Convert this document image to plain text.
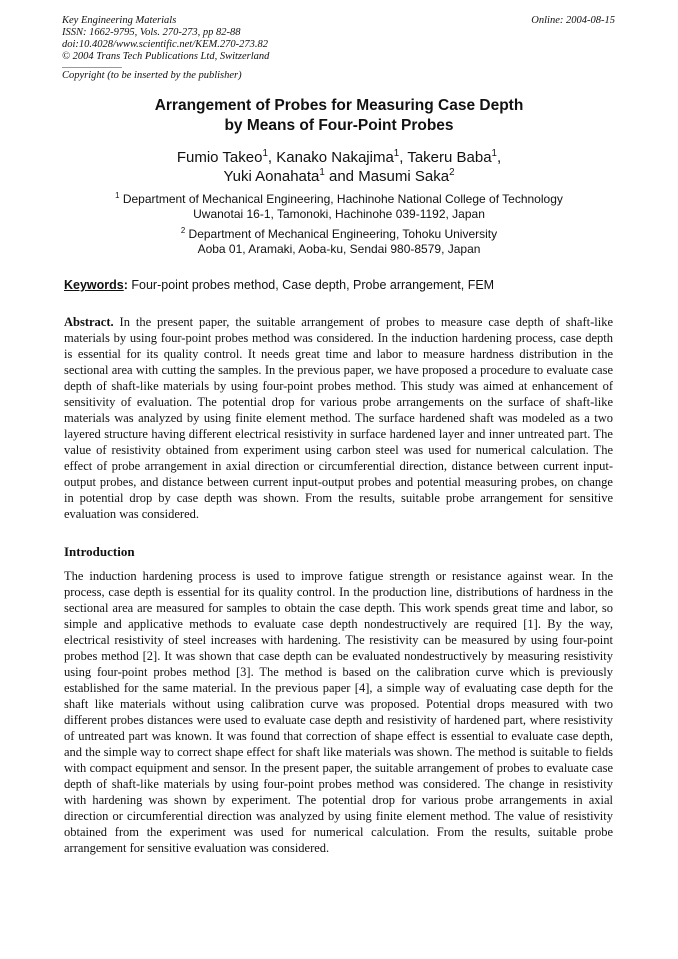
Key Engineering Materials
ISSN: 1662-9795, Vols. 270-273, pp 82-88
doi:10.4028/www.scientific.net/KEM.270-273.82
© 2004 Trans Tech Publications Ltd, Switzerland
Online: 2004-08-15
Copyright (to be inserted by the publisher)
Arrangement of Probes for Measuring Case Depth
by Means of Four-Point Probes
Fumio Takeo$^1$, Kanako Nakajima$^1$, Takeru Baba$^1$,
Yuki Aonahata$^1$ and Masumi Saka$^2$
$^1$ Department of Mechanical Engineering, Hachinohe National College of Technology
Uwanotai 16-1, Tamonoki, Hachinohe 039-1192, Japan
$^2$ Department of Mechanical Engineering, Tohoku University
Aoba 01, Aramaki, Aoba-ku, Sendai 980-8579, Japan
Keywords: Four-point probes method, Case depth, Probe arrangement, FEM
Abstract. In the present paper, the suitable arrangement of probes to measure case depth of shaft-like materials by using four-point probes method was considered. In the induction hardening process, case depth is essential for its quality control. It needs great time and labor to measure hardness distribution in the sectional area with cutting the samples. In the previous paper, we have proposed a procedure to evaluate case depth of shaft-like materials by using four-point probes method. This study was aimed at enhancement of sensitivity of evaluation. The potential drop for various probe arrangements on the surface of shaft-like materials was analyzed by using finite element method. The surface hardened shaft was modeled as a two layered structure having different electrical resistivity in surface hardened layer and inner untreated part. The value of resistivity obtained from experiment using carbon steel was used for numerical calculation. The effect of probe arrangement in axial direction or circumferential direction, distance between current input-output probes, and distance between current input-output probes and potential measuring probes, on change in potential drop by case depth was shown. From the results, suitable probe arrangement for sensitive evaluation was considered.
Introduction
The induction hardening process is used to improve fatigue strength or resistance against wear. In the process, case depth is essential for its quality control. In the production line, distributions of hardness in the sectional area are measured for samples to obtain the case depth. This work spends great time and labor, so simple and applicative methods to evaluate case depth nondestructively are required [1]. By the way, electrical resistivity of steel increases with hardening. The resistivity can be measured by using four-point probes method [2]. It was shown that case depth can be evaluated nondestructively by measuring resistivity using four-point probes method [3]. The method is based on the calibration curve which is previously established for the same material. In the previous paper [4], a simple way of evaluating case depth for the shaft like materials without using calibration curve was proposed. Potential drops measured with two different probes distances were used to evaluate case depth and resistivity of hardened part, where resistivity of untreated part was known. It was found that correction of shape effect is essential to evaluate case depth, and the simple way to correct shape effect for shaft like materials was shown. The method is suitable to fields with compact equipment and sensor. In the present paper, the suitable arrangement of probes to evaluate case depth of shaft-like materials by using four-point probes method was considered. The change in resistivity with hardening was shown by experiment. The potential drop for various probe arrangements in axial direction or circumferential direction was analyzed by using finite element method. The value of resistivity obtained from the experiment was used for numerical calculation. From the results, suitable probe arrangement for sensitive evaluation was considered.
